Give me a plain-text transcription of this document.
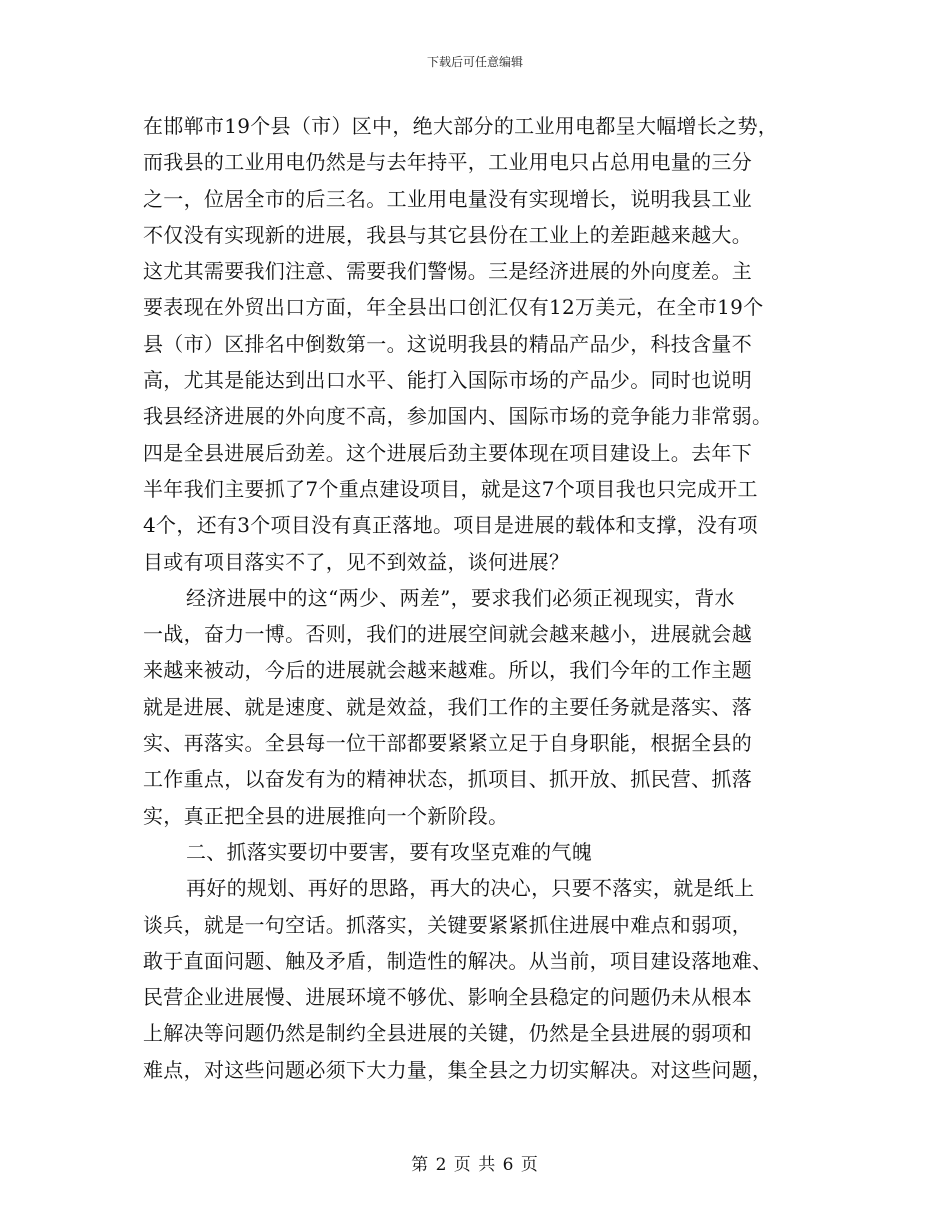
下载后可任意编辑
在邯郸市19个县（市）区中，绝大部分的工业用电都呈大幅增长之势，
而我县的工业用电仍然是与去年持平，工业用电只占总用电量的三分
之一，位居全市的后三名。工业用电量没有实现增长，说明我县工业
不仅没有实现新的进展，我县与其它县份在工业上的差距越来越大。
这尤其需要我们注意、需要我们警惕。三是经济进展的外向度差。主
要表现在外贸出口方面，年全县出口创汇仅有12万美元，在全市19个
县（市）区排名中倒数第一。这说明我县的精品产品少，科技含量不
高，尤其是能达到出口水平、能打入国际市场的产品少。同时也说明
我县经济进展的外向度不高，参加国内、国际市场的竞争能力非常弱。
四是全县进展后劲差。这个进展后劲主要体现在项目建设上。去年下
半年我们主要抓了7个重点建设项目，就是这7个项目我也只完成开工
4个，还有3个项目没有真正落地。项目是进展的载体和支撑，没有项
目或有项目落实不了，见不到效益，谈何进展？
经济进展中的这“两少、两差”，要求我们必须正视现实，背水
一战，奋力一博。否则，我们的进展空间就会越来越小，进展就会越
来越来被动，今后的进展就会越来越难。所以，我们今年的工作主题
就是进展、就是速度、就是效益，我们工作的主要任务就是落实、落
实、再落实。全县每一位干部都要紧紧立足于自身职能，根据全县的
工作重点，以奋发有为的精神状态，抓项目、抓开放、抓民营、抓落
实，真正把全县的进展推向一个新阶段。
二、抓落实要切中要害，要有攻坚克难的气魄
再好的规划、再好的思路，再大的决心，只要不落实，就是纸上
谈兵，就是一句空话。抓落实，关键要紧紧抓住进展中难点和弱项，
敢于直面问题、触及矛盾，制造性的解决。从当前，项目建设落地难、
民营企业进展慢、进展环境不够优、影响全县稳定的问题仍未从根本
上解决等问题仍然是制约全县进展的关键，仍然是全县进展的弱项和
难点，对这些问题必须下大力量，集全县之力切实解决。对这些问题，
第 2 页 共 6 页
